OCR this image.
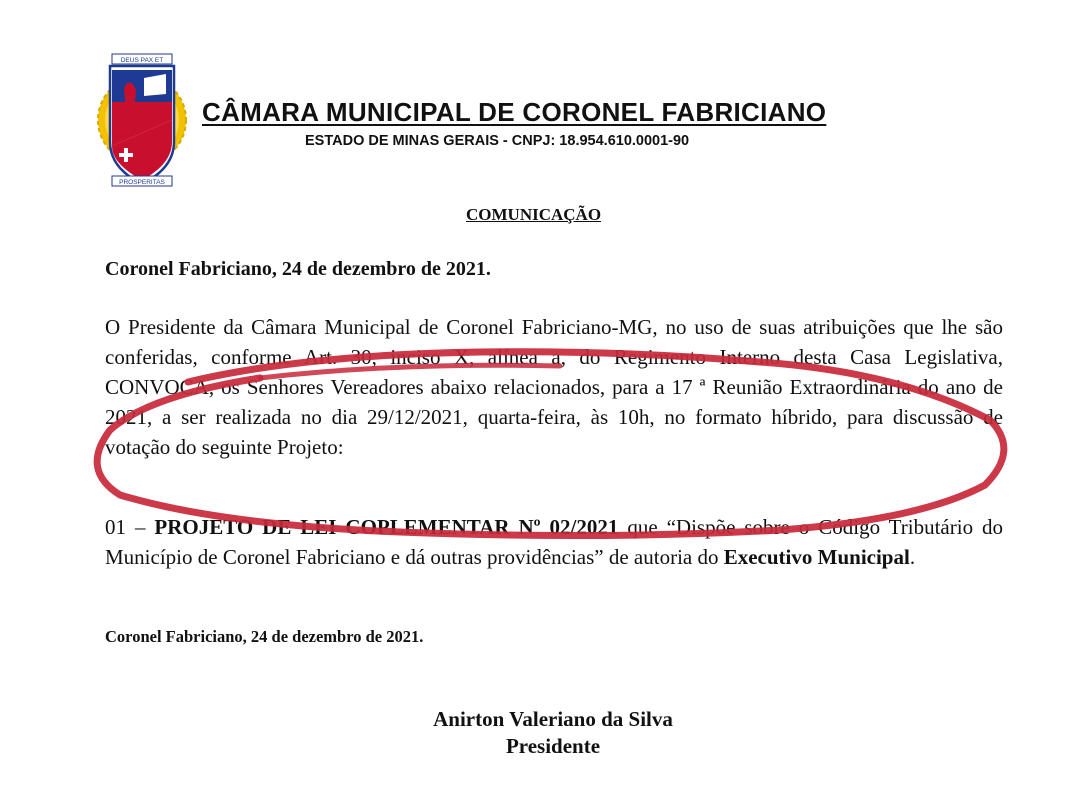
DEUS PAX ET
PROSPERITAS
CÂMARA MUNICIPAL DE CORONEL FABRICIANO
ESTADO DE MINAS GERAIS - CNPJ: 18.954.610.0001-90
COMUNICAÇÃO
Coronel Fabriciano, 24 de dezembro de 2021.

O Presidente da Câmara Municipal de Coronel Fabriciano-MG, no uso de suas atribuições que lhe são conferidas, conforme Art. 30, inciso X, alínea a, do Regimento Interno desta Casa Legislativa, CONVOCA, os Senhores Vereadores abaixo relacionados, para a 17 ª Reunião Extraordinária do ano de 2021, a ser realizada no dia 29/12/2021, quarta-feira, às 10h, no formato híbrido, para discussão de votação do seguinte Projeto:

01 – PROJETO DE LEI COPLEMENTAR Nº 02/2021 que “Dispõe sobre o Código Tributário do Município de Coronel Fabriciano e dá outras providências” de autoria do Executivo Municipal.

Coronel Fabriciano, 24 de dezembro de 2021.
Anirton Valeriano da Silva
Presidente
